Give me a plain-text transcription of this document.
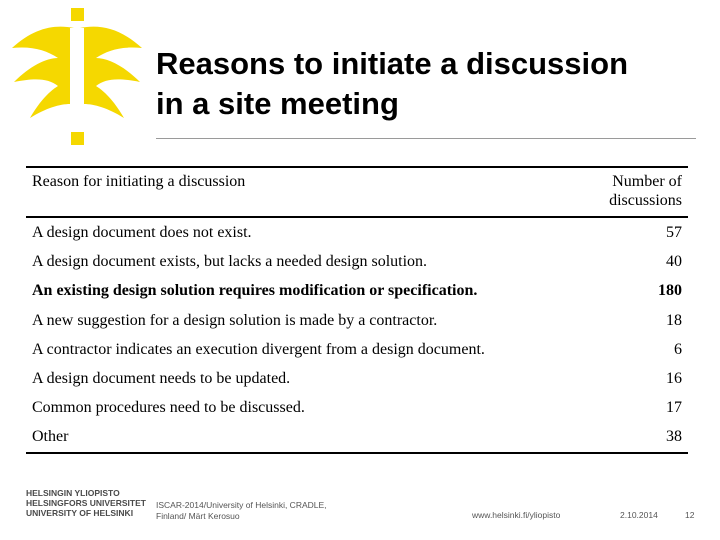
Reasons to initiate a discussion
in a site meeting
Reason for initiating a discussion	Number of
discussions
A design document does not exist.	57
A design document exists, but lacks a needed design solution.	40
An existing design solution requires modification or specification.	180
A new suggestion for a design solution is made by a contractor.	18
A contractor indicates an execution divergent from a design document.	6
A design document needs to be updated.	16
Common procedures need to be discussed.	17
Other	38
HELSINGIN YLIOPISTO
HELSINGFORS UNIVERSITET
UNIVERSITY OF HELSINKI
ISCAR-2014/University of Helsinki, CRADLE,
Finland/ Märt Kerosuo	www.helsinki.fi/yliopisto	2.10.2014	12
